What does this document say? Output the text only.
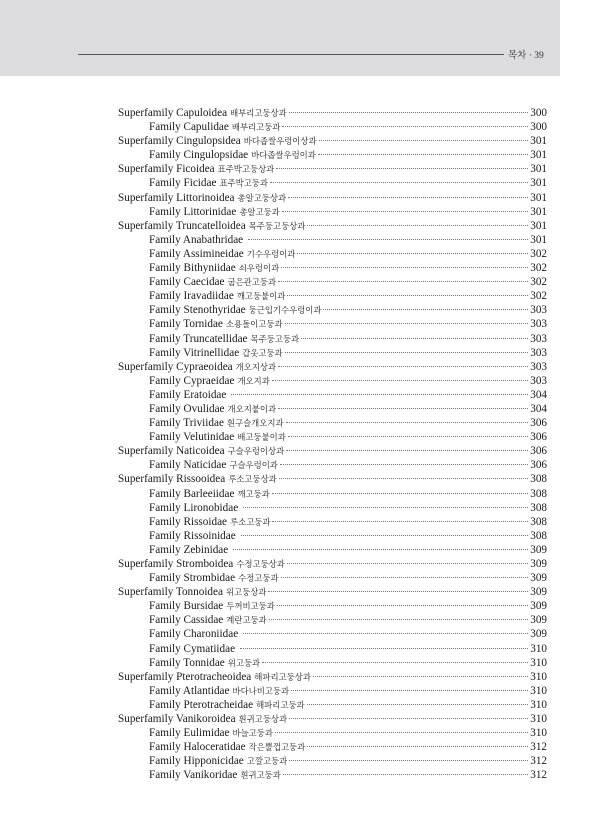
목차 · 39
Superfamily Capuloidea 배부리고둥상과	300
Family Capulidae 배부리고둥과	300
Superfamily Cingulopsidea 바다좁쌀우렁이상과	301
Family Cingulopsidae 바다좁쌀우렁이과	301
Superfamily Ficoidea 표주박고둥상과	301
Family Ficidae 표주박고둥과	301
Superfamily Littorinoidea 총알고둥상과	301
Family Littorinidae 총알고둥과	301
Superfamily Truncatelloidea 목주둥고둥상과	301
Family Anabathridae	301
Family Assimineidae 기수우렁이과	302
Family Bithyniidae 쇠우렁이과	302
Family Caecidae 굽은관고둥과	302
Family Iravadiidae 깨고둥붙이과	302
Family Stenothyridae 둥근입기수우렁이과	303
Family Tornidae 소용돌이고둥과	303
Family Truncatellidae 목주둥고둥과	303
Family Vitrinellidae 갑옷고둥과	303
Superfamily Cypraeoidea 개오지상과	303
Family Cypraeidae 개오지과	303
Family Eratoidae	304
Family Ovulidae 개오지붙이과	304
Family Triviidae 흰구슬개오지과	306
Family Velutinidae 배고둥붙이과	306
Superfamily Naticoidea 구슬우렁이상과	306
Family Naticidae 구슬우렁이과	306
Superfamily Rissooidea 루소고둥상과	308
Family Barleeiidae 깨고둥과	308
Family Lironobidae	308
Family Rissoidae 루소고둥과	308
Family Rissoinidae	308
Family Zebinidae	309
Superfamily Stromboidea 수정고둥상과	309
Family Strombidae 수정고둥과	309
Superfamily Tonnoidea 위고둥상과	309
Family Bursidae 두꺼비고둥과	309
Family Cassidae 계란고둥과	309
Family Charoniidae	309
Family Cymatiidae	310
Family Tonnidae 위고둥과	310
Superfamily Pterotracheoidea 해파리고둥상과	310
Family Atlantidae 바다나비고둥과	310
Family Pterotracheidae 해파리고둥과	310
Superfamily Vanikoroidea 흰귀고둥상과	310
Family Eulimidae 바늘고둥과	310
Family Haloceratidae 작은뿔껍고둥과	312
Family Hipponicidae 고깔고둥과	312
Family Vanikoridae 흰귀고둥과	312
